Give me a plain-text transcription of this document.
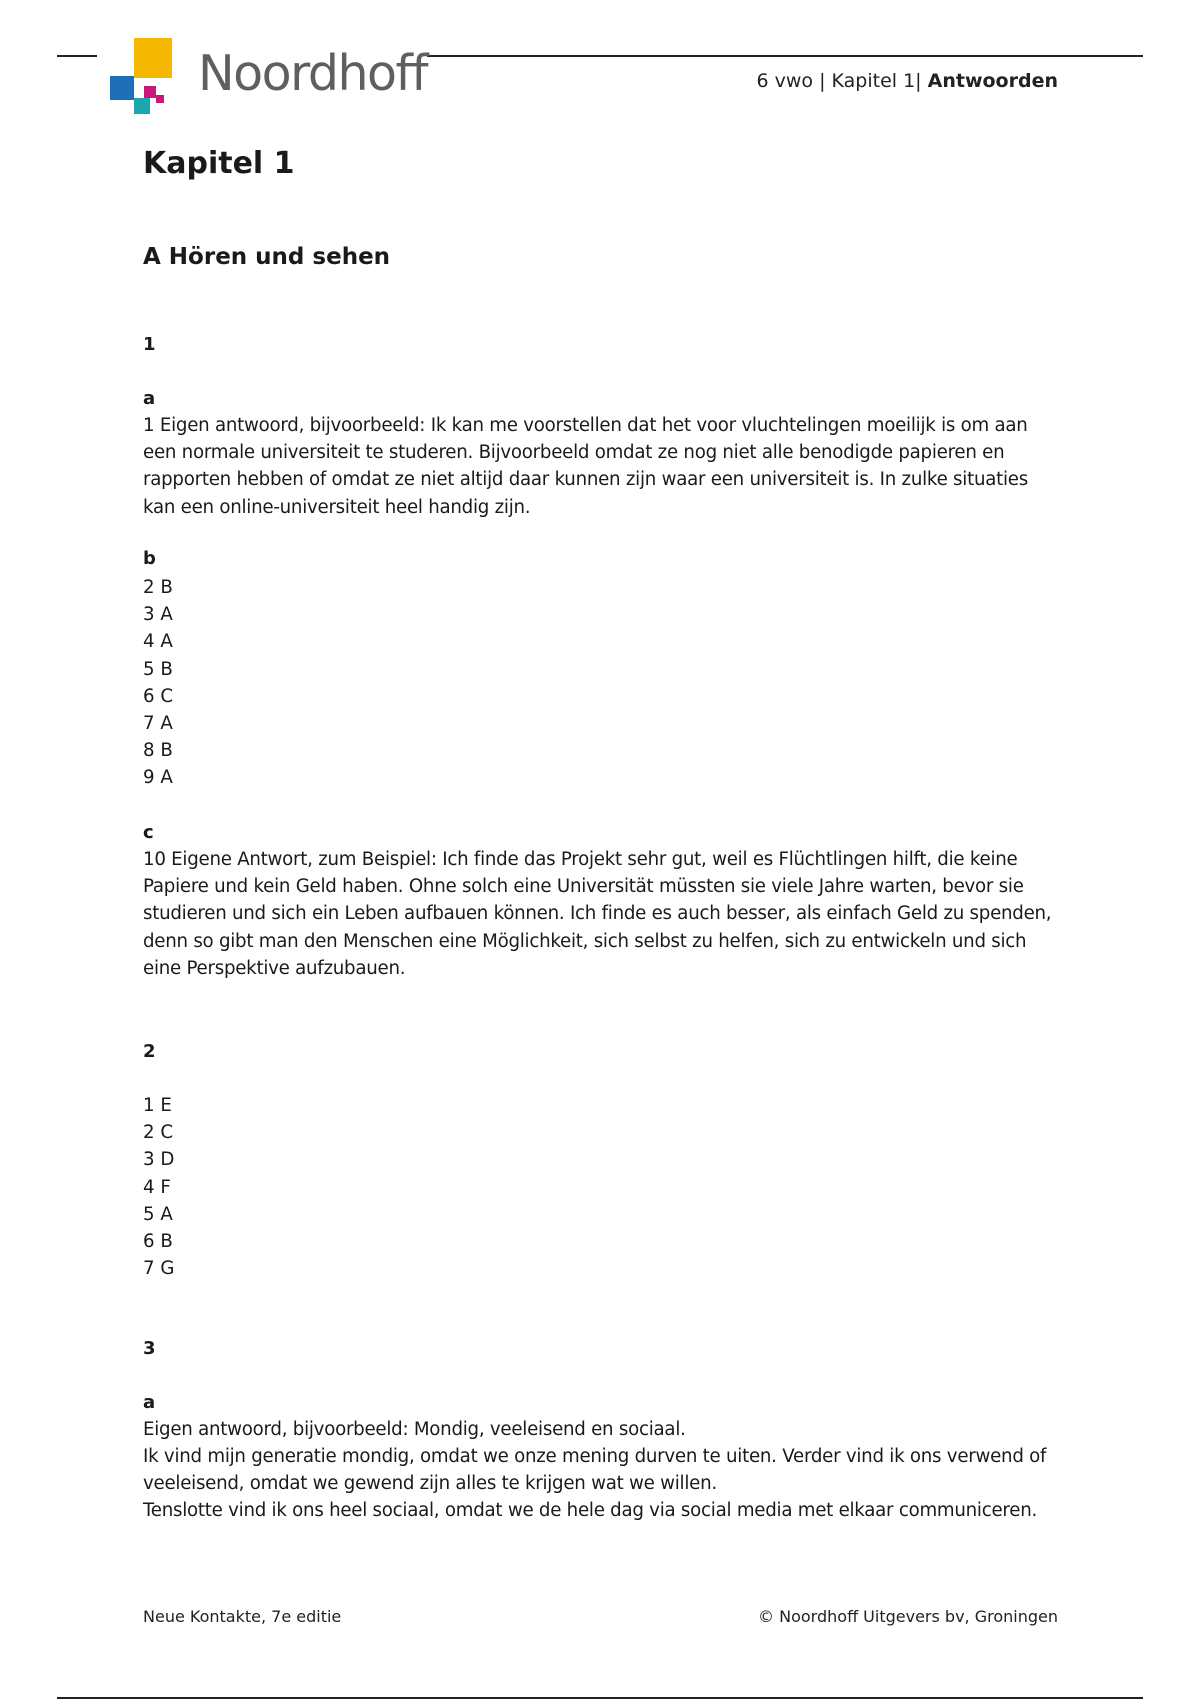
Noordhoff	6 vwo | Kapitel 1| Antwoorden
Kapitel 1
A Hören und sehen
1
a

1 Eigen antwoord, bijvoorbeeld: Ik kan me voorstellen dat het voor vluchtelingen moeilijk is om aan een normale universiteit te studeren. Bijvoorbeeld omdat ze nog niet alle benodigde papieren en rapporten hebben of omdat ze niet altijd daar kunnen zijn waar een universiteit is. In zulke situaties kan een online-universiteit heel handig zijn.

b
2 B
3 A
4 A
5 B
6 C
7 A
8 B
9 A
c

10 Eigene Antwort, zum Beispiel: Ich finde das Projekt sehr gut, weil es Flüchtlingen hilft, die keine Papiere und kein Geld haben. Ohne solch eine Universität müssten sie viele Jahre warten, bevor sie studieren und sich ein Leben aufbauen können. Ich finde es auch besser, als einfach Geld zu spenden, denn so gibt man den Menschen eine Möglichkeit, sich selbst zu helfen, sich zu entwickeln und sich eine Perspektive aufzubauen.

2
1 E
2 C
3 D
4 F
5 A
6 B
7 G
3
a

Eigen antwoord, bijvoorbeeld: Mondig, veeleisend en sociaal.

Ik vind mijn generatie mondig, omdat we onze mening durven te uiten. Verder vind ik ons verwend of veeleisend, omdat we gewend zijn alles te krijgen wat we willen.

Tenslotte vind ik ons heel sociaal, omdat we de hele dag via social media met elkaar communiceren.

Neue Kontakte, 7e editie	© Noordhoff Uitgevers bv, Groningen
